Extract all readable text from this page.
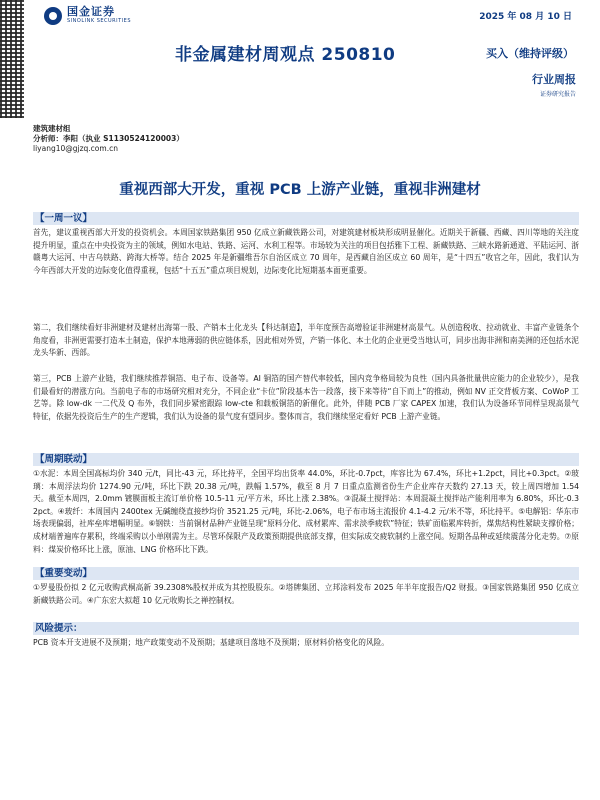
国金证券
SINOLINK SECURITIES	2025 年 08 月 10 日
非金属建材周观点 250810	买入（维持评级）
行业周报
证券研究报告
建筑建材组
分析师：李阳（执业 S1130524120003）
liyang10@gjzq.com.cn
重视西部大开发，重视 PCB 上游产业链，重视非洲建材
【一周一议】

首先，建议重视西部大开发的投资机会。本周国家铁路集团 950 亿成立新藏铁路公司，对建筑建材板块形成明显催化。近期关于新疆、西藏、四川等地的关注度提升明显，重点在中央投资为主的领域，例如水电站、铁路、运河、水利工程等。市场较为关注的项目包括雅下工程、新藏铁路、三峡水路新通道、平陆运河、浙赣粤大运河、中吉乌铁路、跨海大桥等。结合 2025 年是新疆维吾尔自治区成立 70 周年，是西藏自治区成立 60 周年，是“十四五”收官之年，因此，我们认为今年西部大开发的边际变化值得重视，包括“十五五”重点项目规划，边际变化比短期基本面更重要。

第二，我们继续看好非洲建材及建材出海第一股、产销本土化龙头【科达制造】，半年度预告高增验证非洲建材高景气。从创造税收、拉动就业、丰富产业链条个角度看，非洲更需要打造本土制造，保护本地薄弱的供应链体系，因此相对外贸，产销一体化、本土化的企业更受当地认可，同步出海非洲和南美洲的还包括水泥龙头华新、西部。

第三，PCB 上游产业链，我们继续推荐铜箔、电子布、设备等。AI 铜箔的国产替代率较低，国内竞争格局较为良性（国内具备批量供应能力的企业较少），是我们最看好的潜涨方向。当前电子布的市场研究相对充分，不同企业“卡位”阶段基本告一段落，接下来等待“自下而上”的推动，例如 NV 正交背板方案、CoWoP 工艺等。除 low-dk 一二代及 Q 布外，我们同步紧密跟踪 low-cte 和载板铜箔的新催化。此外，伴随 PCB 厂家 CAPEX 加速，我们认为设备环节同样呈现高景气特征，依据先投资后生产的生产逻辑，我们认为设备的景气度有望同步。整体而言，我们继续坚定看好 PCB 上游产业链。

【周期联动】

①水泥：本周全国高标均价 340 元/t，同比-43 元，环比持平，全国平均出货率 44.0%，环比-0.7pct，库容比为 67.4%，环比+1.2pct，同比+0.3pct。②玻璃：本周浮法均价 1274.90 元/吨，环比下跌 20.38 元/吨，跌幅 1.57%，截至 8 月 7 日重点监测省份生产企业库存天数约 27.13 天，较上周四增加 1.54 天。截至本周四，2.0mm 镀膜面板主流订单价格 10.5-11 元/平方米，环比上涨 2.38%。③混凝土搅拌站：本周混凝土搅拌站产能利用率为 6.80%，环比-0.32pct。④玻纤：本周国内 2400tex 无碱缠绕直接纱均价 3521.25 元/吨，环比-2.06%，电子布市场主流报价 4.1-4.2 元/米不等，环比持平。⑤电解铝：华东市场表现偏弱，社库垒库增幅明显。⑥钢铁：当前铜材品种产业链呈现“原料分化、成材累库、需求淡季疲软”特征；铁矿面临累库转折，煤焦结构性紧缺支撑价格；成材端普遍库存累积，终端采购以小单刚需为主。尽管环保限产及政策预期提供底部支撑，但实际成交疲软制约上涨空间。短期各品种或延续震荡分化走势。⑦原料：煤炭价格环比上涨，原油、LNG 价格环比下跌。

【重要变动】

①罗曼股份拟 2 亿元收购武桐高新 39.2308%股权并成为其控股股东。②塔牌集团、立邦涂料发布 2025 年半年度报告/Q2 财报。③国家铁路集团 950 亿成立新藏铁路公司。④广东宏大拟超 10 亿元收购长之禅控制权。

风险提示：

PCB 资本开支进展不及预期；地产政策变动不及预期；基建项目落地不及预期；原材料价格变化的风险。
